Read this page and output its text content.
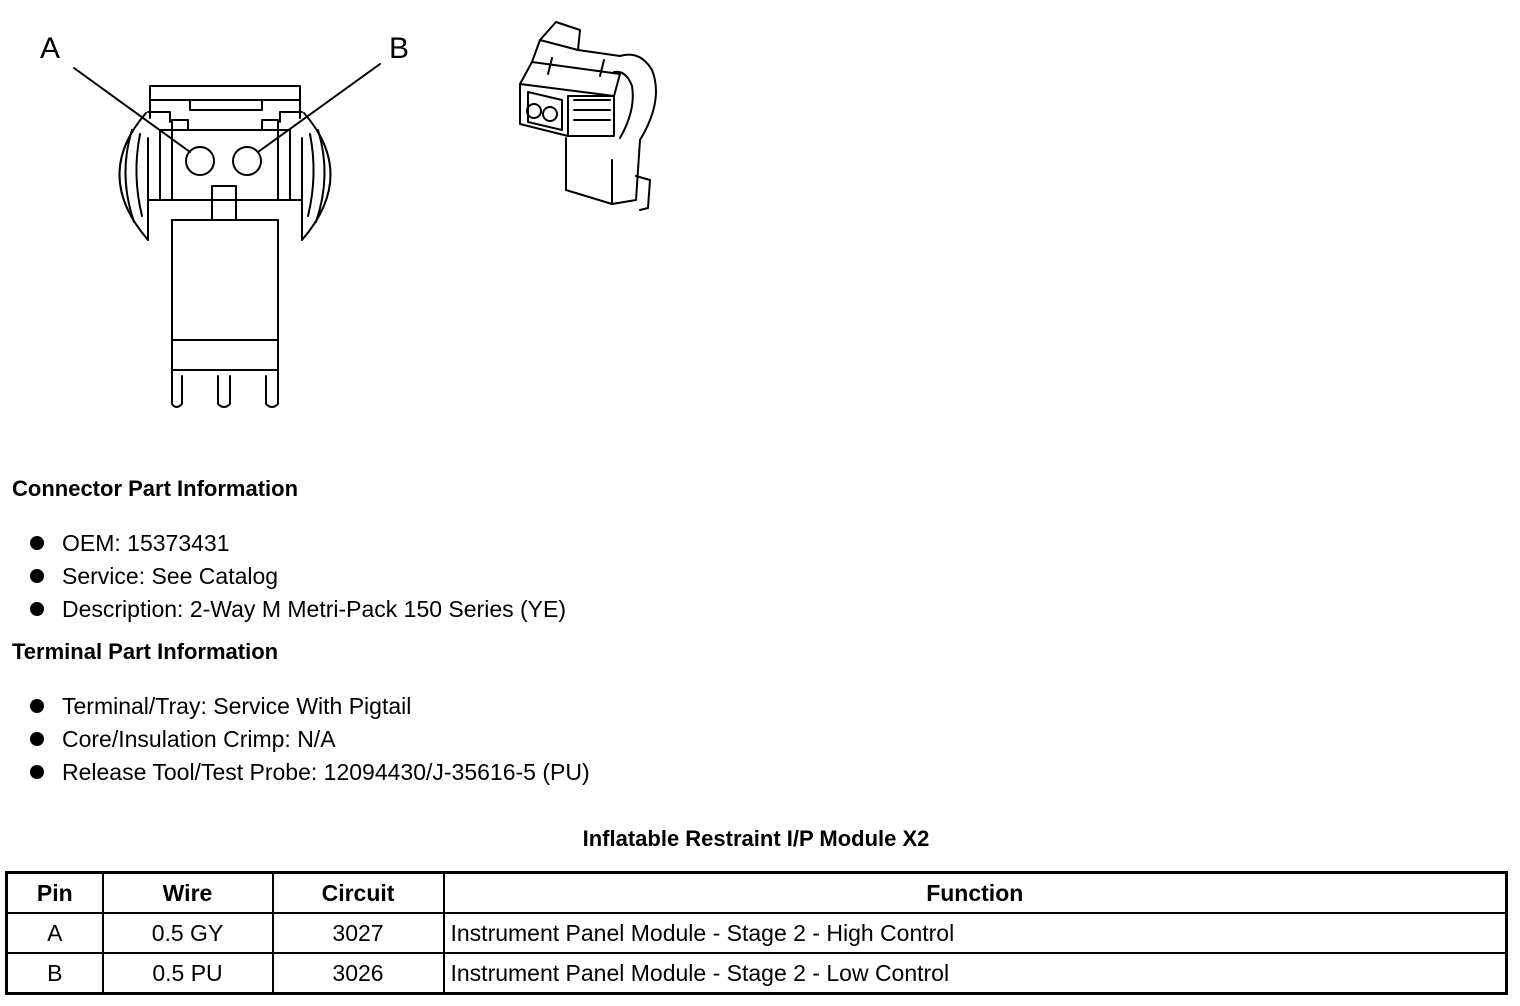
A	B
Connector Part Information
OEM: 15373431
Service: See Catalog
Description: 2-Way M Metri-Pack 150 Series (YE)
Terminal Part Information
Terminal/Tray: Service With Pigtail
Core/Insulation Crimp: N/A
Release Tool/Test Probe: 12094430/J-35616-5 (PU)
Inflatable Restraint I/P Module X2
Pin	Wire	Circuit	Function
A	0.5 GY	3027	Instrument Panel Module - Stage 2 - High Control
B	0.5 PU	3026	Instrument Panel Module - Stage 2 - Low Control
